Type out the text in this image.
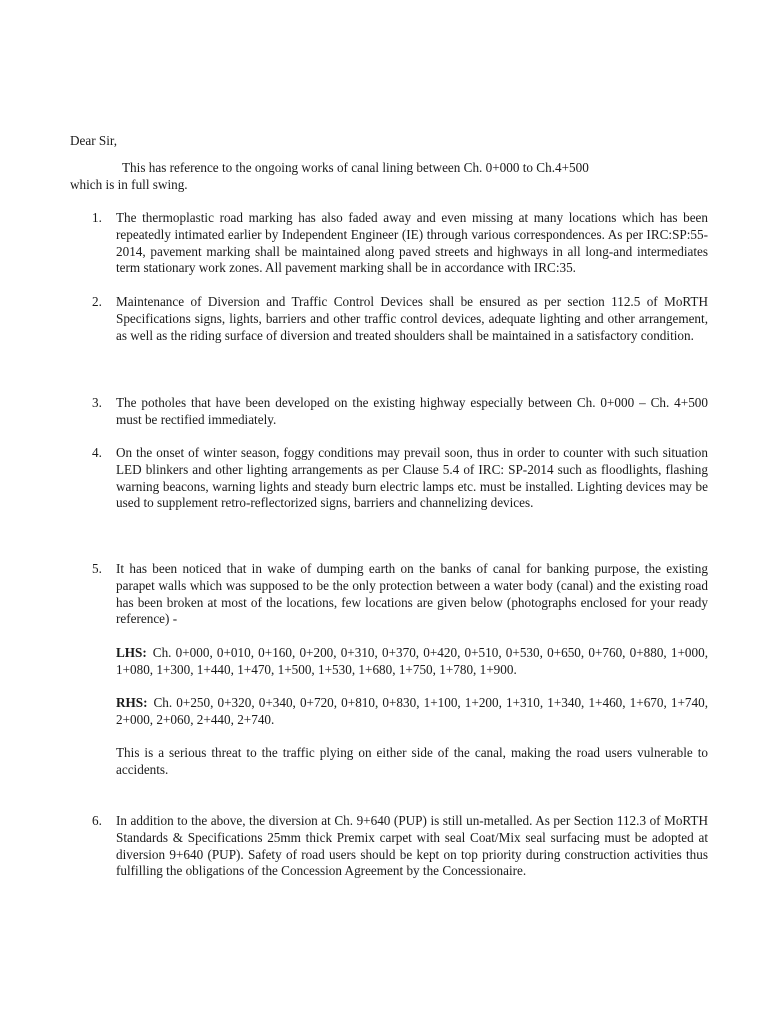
Dear Sir,
This has reference to the ongoing works of canal lining between Ch. 0+000 to Ch.4+500
which is in full swing.
1.	The thermoplastic road marking has also faded away and even missing at many locations which has been repeatedly intimated earlier by Independent Engineer (IE) through various correspondences. As per IRC:SP:55-2014, pavement marking shall be maintained along paved streets and highways in all long-and intermediates term stationary work zones. All pavement marking shall be in accordance with IRC:35.
2.	Maintenance of Diversion and Traffic Control Devices shall be ensured as per section 112.5 of MoRTH Specifications signs, lights, barriers and other traffic control devices, adequate lighting and other arrangement, as well as the riding surface of diversion and treated shoulders shall be maintained in a satisfactory condition.
3.	The potholes that have been developed on the existing highway especially between Ch. 0+000 – Ch. 4+500 must be rectified immediately.
4.	On the onset of winter season, foggy conditions may prevail soon, thus in order to counter with such situation LED blinkers and other lighting arrangements as per Clause 5.4 of IRC: SP-2014 such as floodlights, flashing warning beacons, warning lights and steady burn electric lamps etc. must be installed. Lighting devices may be used to supplement retro-reflectorized signs, barriers and channelizing devices.
5.	It has been noticed that in wake of dumping earth on the banks of canal for banking purpose, the existing parapet walls which was supposed to be the only protection between a water body (canal) and the existing road has been broken at most of the locations, few locations are given below (photographs enclosed for your ready reference) -
LHS: Ch. 0+000, 0+010, 0+160, 0+200, 0+310, 0+370, 0+420, 0+510, 0+530, 0+650, 0+760, 0+880, 1+000, 1+080, 1+300, 1+440, 1+470, 1+500, 1+530, 1+680, 1+750, 1+780, 1+900.
RHS: Ch. 0+250, 0+320, 0+340, 0+720, 0+810, 0+830, 1+100, 1+200, 1+310, 1+340, 1+460, 1+670, 1+740, 2+000, 2+060, 2+440, 2+740.
This is a serious threat to the traffic plying on either side of the canal, making the road users vulnerable to accidents.
6.	In addition to the above, the diversion at Ch. 9+640 (PUP) is still un-metalled. As per Section 112.3 of MoRTH Standards & Specifications 25mm thick Premix carpet with seal Coat/Mix seal surfacing must be adopted at diversion 9+640 (PUP). Safety of road users should be kept on top priority during construction activities thus fulfilling the obligations of the Concession Agreement by the Concessionaire.
